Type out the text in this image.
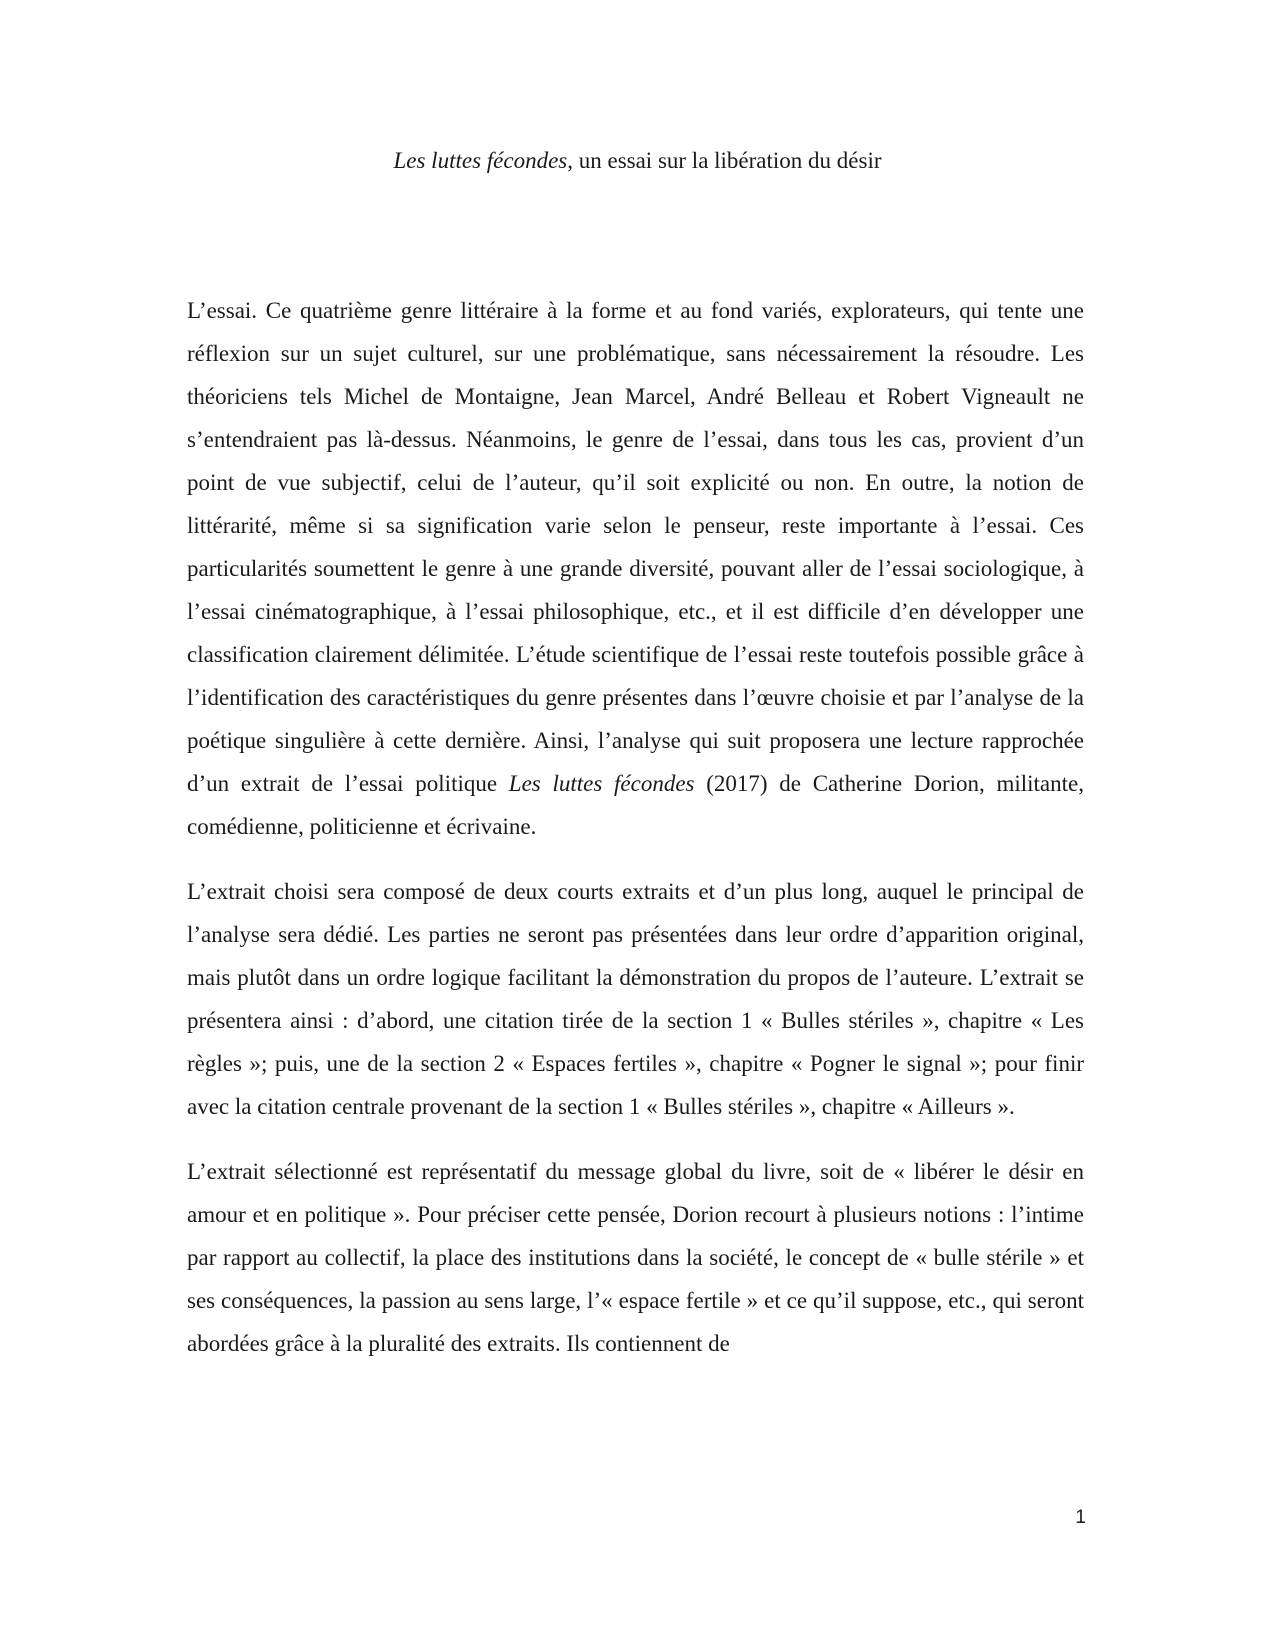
Les luttes fécondes, un essai sur la libération du désir

L’essai. Ce quatrième genre littéraire à la forme et au fond variés, explorateurs, qui tente une réflexion sur un sujet culturel, sur une problématique, sans nécessairement la résoudre. Les théoriciens tels Michel de Montaigne, Jean Marcel, André Belleau et Robert Vigneault ne s’entendraient pas là-dessus. Néanmoins, le genre de l’essai, dans tous les cas, provient d’un point de vue subjectif, celui de l’auteur, qu’il soit explicité ou non. En outre, la notion de littérarité, même si sa signification varie selon le penseur, reste importante à l’essai. Ces particularités soumettent le genre à une grande diversité, pouvant aller de l’essai sociologique, à l’essai cinématographique, à l’essai philosophique, etc., et il est difficile d’en développer une classification clairement délimitée. L’étude scientifique de l’essai reste toutefois possible grâce à l’identification des caractéristiques du genre présentes dans l’œuvre choisie et par l’analyse de la poétique singulière à cette dernière. Ainsi, l’analyse qui suit proposera une lecture rapprochée d’un extrait de l’essai politique Les luttes fécondes (2017) de Catherine Dorion, militante, comédienne, politicienne et écrivaine.

L’extrait choisi sera composé de deux courts extraits et d’un plus long, auquel le principal de l’analyse sera dédié. Les parties ne seront pas présentées dans leur ordre d’apparition original, mais plutôt dans un ordre logique facilitant la démonstration du propos de l’auteure. L’extrait se présentera ainsi : d’abord, une citation tirée de la section 1 « Bulles stériles », chapitre « Les règles »; puis, une de la section 2 « Espaces fertiles », chapitre « Pogner le signal »; pour finir avec la citation centrale provenant de la section 1 « Bulles stériles », chapitre « Ailleurs ».

L’extrait sélectionné est représentatif du message global du livre, soit de « libérer le désir en amour et en politique ». Pour préciser cette pensée, Dorion recourt à plusieurs notions : l’intime par rapport au collectif, la place des institutions dans la société, le concept de « bulle stérile » et ses conséquences, la passion au sens large, l’« espace fertile » et ce qu’il suppose, etc., qui seront abordées grâce à la pluralité des extraits. Ils contiennent de

1
